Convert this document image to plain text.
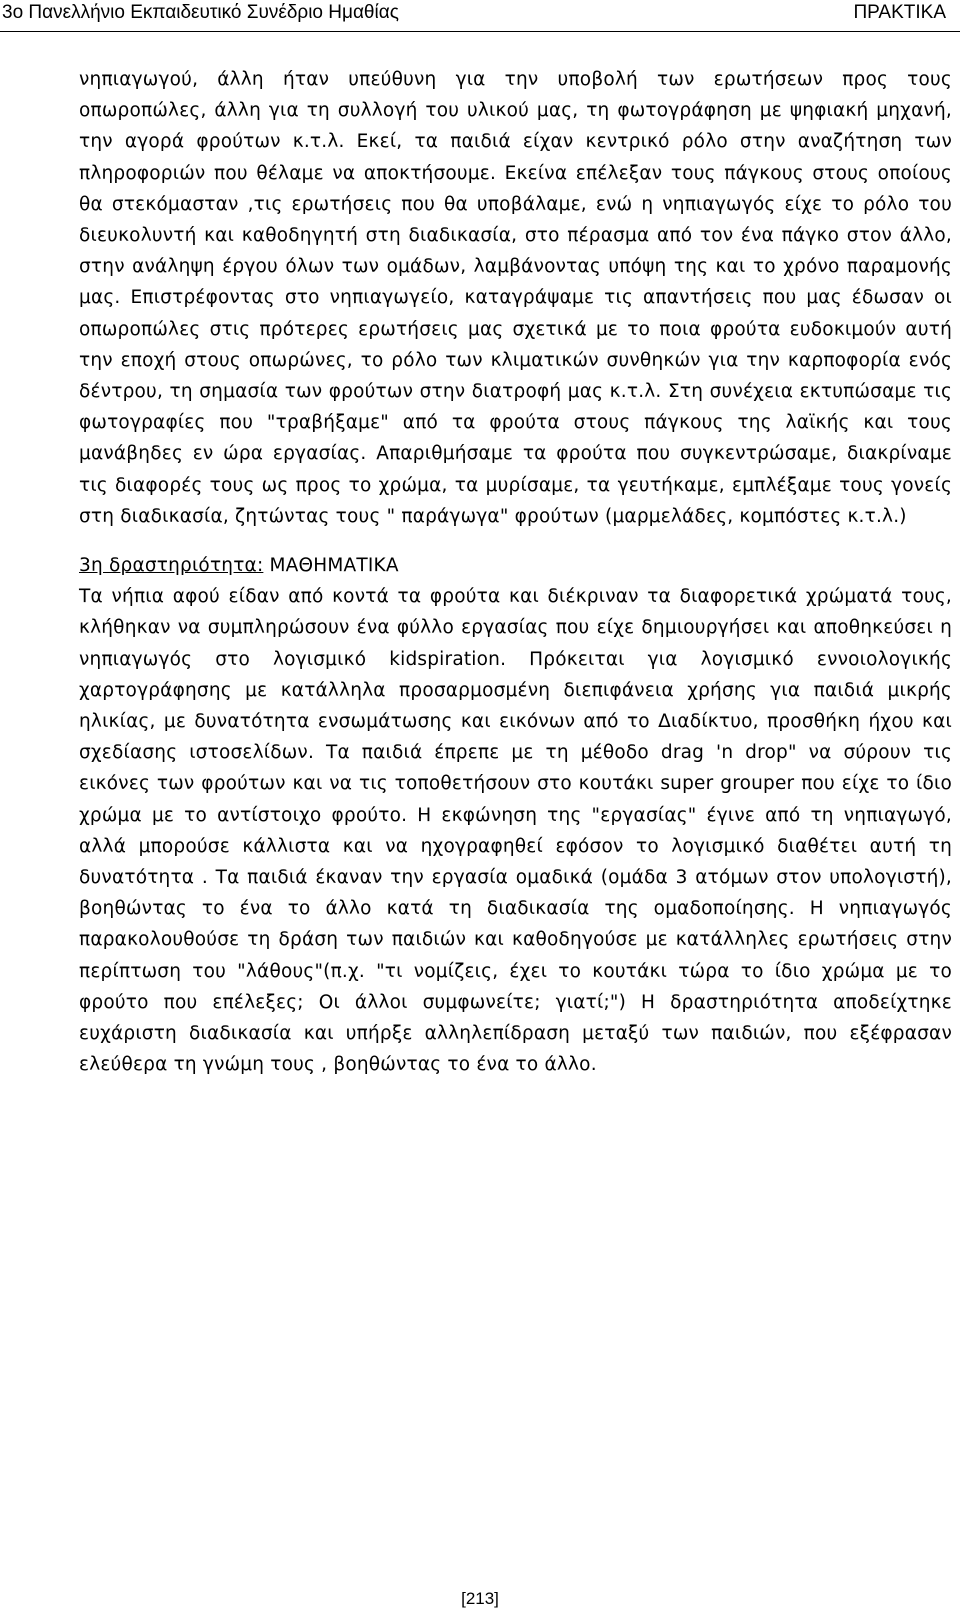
3ο Πανελλήνιο Εκπαιδευτικό Συνέδριο Ημαθίας	ΠΡΑΚΤΙΚΑ

νηπιαγωγού, άλλη ήταν υπεύθυνη για την υποβολή των ερωτήσεων προς τους οπωροπώλες, άλλη για τη συλλογή του υλικού μας, τη φωτογράφηση με ψηφιακή μηχανή, την αγορά φρούτων κ.τ.λ. Εκεί, τα παιδιά είχαν κεντρικό ρόλο στην αναζήτηση των πληροφοριών που θέλαμε να αποκτήσουμε. Εκείνα επέλεξαν τους πάγκους στους οποίους θα στεκόμασταν ,τις ερωτήσεις που θα υποβάλαμε, ενώ η νηπιαγωγός είχε το ρόλο του διευκολυντή και καθοδηγητή στη διαδικασία, στο πέρασμα από τον ένα πάγκο στον άλλο, στην ανάληψη έργου όλων των ομάδων, λαμβάνοντας υπόψη της και το χρόνο παραμονής μας. Επιστρέφοντας στο νηπιαγωγείο, καταγράψαμε τις απαντήσεις που μας έδωσαν οι οπωροπώλες στις πρότερες ερωτήσεις μας σχετικά με το ποια φρούτα ευδοκιμούν αυτή την εποχή στους οπωρώνες, το ρόλο των κλιματικών συνθηκών για την καρποφορία ενός δέντρου, τη σημασία των φρούτων στην διατροφή μας κ.τ.λ. Στη συνέχεια εκτυπώσαμε τις φωτογραφίες που "τραβήξαμε" από τα φρούτα στους πάγκους της λαϊκής και τους μανάβηδες εν ώρα εργασίας. Απαριθμήσαμε τα φρούτα που συγκεντρώσαμε, διακρίναμε τις διαφορές τους ως προς το χρώμα, τα μυρίσαμε, τα γευτήκαμε, εμπλέξαμε τους γονείς στη διαδικασία, ζητώντας τους " παράγωγα" φρούτων (μαρμελάδες, κομπόστες κ.τ.λ.)

3η δραστηριότητα: ΜΑΘΗΜΑΤΙΚΑ

Τα νήπια αφού είδαν από κοντά τα φρούτα και διέκριναν τα διαφορετικά χρώματά τους, κλήθηκαν να συμπληρώσουν ένα φύλλο εργασίας που είχε δημιουργήσει και αποθηκεύσει η νηπιαγωγός στο λογισμικό kidspiration. Πρόκειται για λογισμικό εννοιολογικής χαρτογράφησης με κατάλληλα προσαρμοσμένη διεπιφάνεια χρήσης για παιδιά μικρής ηλικίας, με δυνατότητα ενσωμάτωσης και εικόνων από το Διαδίκτυο, προσθήκη ήχου και σχεδίασης ιστοσελίδων. Τα παιδιά έπρεπε με τη μέθοδο drag 'n drop" να σύρουν τις εικόνες των φρούτων και να τις τοποθετήσουν στο κουτάκι super grouper που είχε το ίδιο χρώμα με το αντίστοιχο φρούτο. Η εκφώνηση της "εργασίας" έγινε από τη νηπιαγωγό, αλλά μπορούσε κάλλιστα και να ηχογραφηθεί εφόσον το λογισμικό διαθέτει αυτή τη δυνατότητα . Τα παιδιά έκαναν την εργασία ομαδικά (ομάδα 3 ατόμων στον υπολογιστή), βοηθώντας το ένα το άλλο κατά τη διαδικασία της ομαδοποίησης. Η νηπιαγωγός παρακολουθούσε τη δράση των παιδιών και καθοδηγούσε με κατάλληλες ερωτήσεις στην περίπτωση του "λάθους"(π.χ. "τι νομίζεις, έχει το κουτάκι τώρα το ίδιο χρώμα με το φρούτο που επέλεξες; Οι άλλοι συμφωνείτε; γιατί;") Η δραστηριότητα αποδείχτηκε ευχάριστη διαδικασία και υπήρξε αλληλεπίδραση μεταξύ των παιδιών, που εξέφρασαν ελεύθερα τη γνώμη τους , βοηθώντας το ένα το άλλο.

[213]
